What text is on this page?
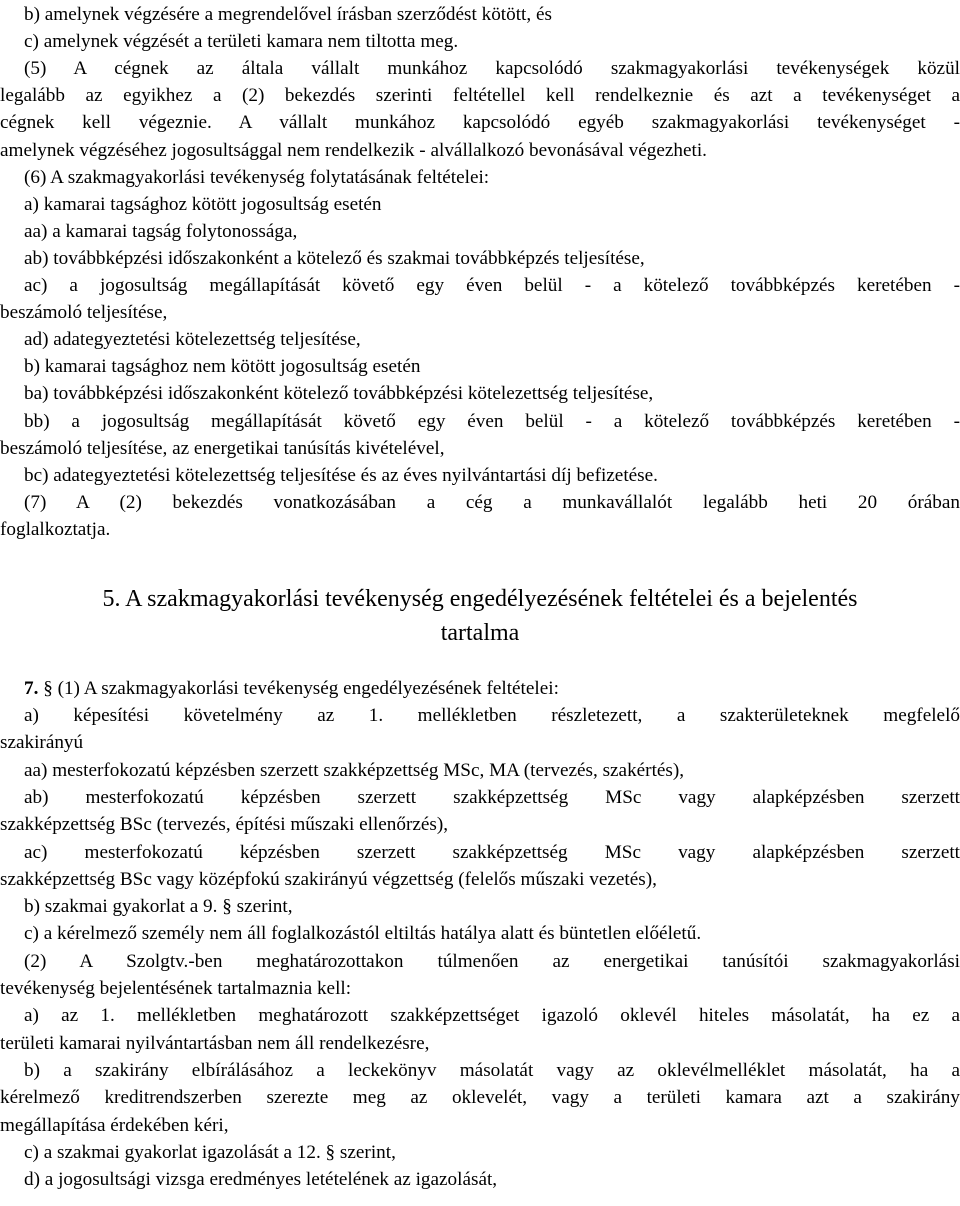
b) amelynek végzésére a megrendelővel írásban szerződést kötött, és
c) amelynek végzését a területi kamara nem tiltotta meg.
(5) A cégnek az általa vállalt munkához kapcsolódó szakmagyakorlási tevékenységek közül
legalább az egyikhez a (2) bekezdés szerinti feltétellel kell rendelkeznie és azt a tevékenységet a
cégnek kell végeznie. A vállalt munkához kapcsolódó egyéb szakmagyakorlási tevékenységet -
amelynek végzéséhez jogosultsággal nem rendelkezik - alvállalkozó bevonásával végezheti.
(6) A szakmagyakorlási tevékenység folytatásának feltételei:
a) kamarai tagsághoz kötött jogosultság esetén
aa) a kamarai tagság folytonossága,
ab) továbbképzési időszakonként a kötelező és szakmai továbbképzés teljesítése,
ac) a jogosultság megállapítását követő egy éven belül - a kötelező továbbképzés keretében -
beszámoló teljesítése,
ad) adategyeztetési kötelezettség teljesítése,
b) kamarai tagsághoz nem kötött jogosultság esetén
ba) továbbképzési időszakonként kötelező továbbképzési kötelezettség teljesítése,
bb) a jogosultság megállapítását követő egy éven belül - a kötelező továbbképzés keretében -
beszámoló teljesítése, az energetikai tanúsítás kivételével,
bc) adategyeztetési kötelezettség teljesítése és az éves nyilvántartási díj befizetése.
(7) A (2) bekezdés vonatkozásában a cég a munkavállalót legalább heti 20 órában
foglalkoztatja.
5. A szakmagyakorlási tevékenység engedélyezésének feltételei és a bejelentés
tartalma
7. § (1) A szakmagyakorlási tevékenység engedélyezésének feltételei:
a) képesítési követelmény az 1. mellékletben részletezett, a szakterületeknek megfelelő
szakirányú
aa) mesterfokozatú képzésben szerzett szakképzettség MSc, MA (tervezés, szakértés),
ab) mesterfokozatú képzésben szerzett szakképzettség MSc vagy alapképzésben szerzett
szakképzettség BSc (tervezés, építési műszaki ellenőrzés),
ac) mesterfokozatú képzésben szerzett szakképzettség MSc vagy alapképzésben szerzett
szakképzettség BSc vagy középfokú szakirányú végzettség (felelős műszaki vezetés),
b) szakmai gyakorlat a 9. § szerint,
c) a kérelmező személy nem áll foglalkozástól eltiltás hatálya alatt és büntetlen előéletű.
(2) A Szolgtv.-ben meghatározottakon túlmenően az energetikai tanúsítói szakmagyakorlási
tevékenység bejelentésének tartalmaznia kell:
a) az 1. mellékletben meghatározott szakképzettséget igazoló oklevél hiteles másolatát, ha ez a
területi kamarai nyilvántartásban nem áll rendelkezésre,
b) a szakirány elbírálásához a leckekönyv másolatát vagy az oklevélmelléklet másolatát, ha a
kérelmező kreditrendszerben szerezte meg az oklevelét, vagy a területi kamara azt a szakirány
megállapítása érdekében kéri,
c) a szakmai gyakorlat igazolását a 12. § szerint,
d) a jogosultsági vizsga eredményes letételének az igazolását,
